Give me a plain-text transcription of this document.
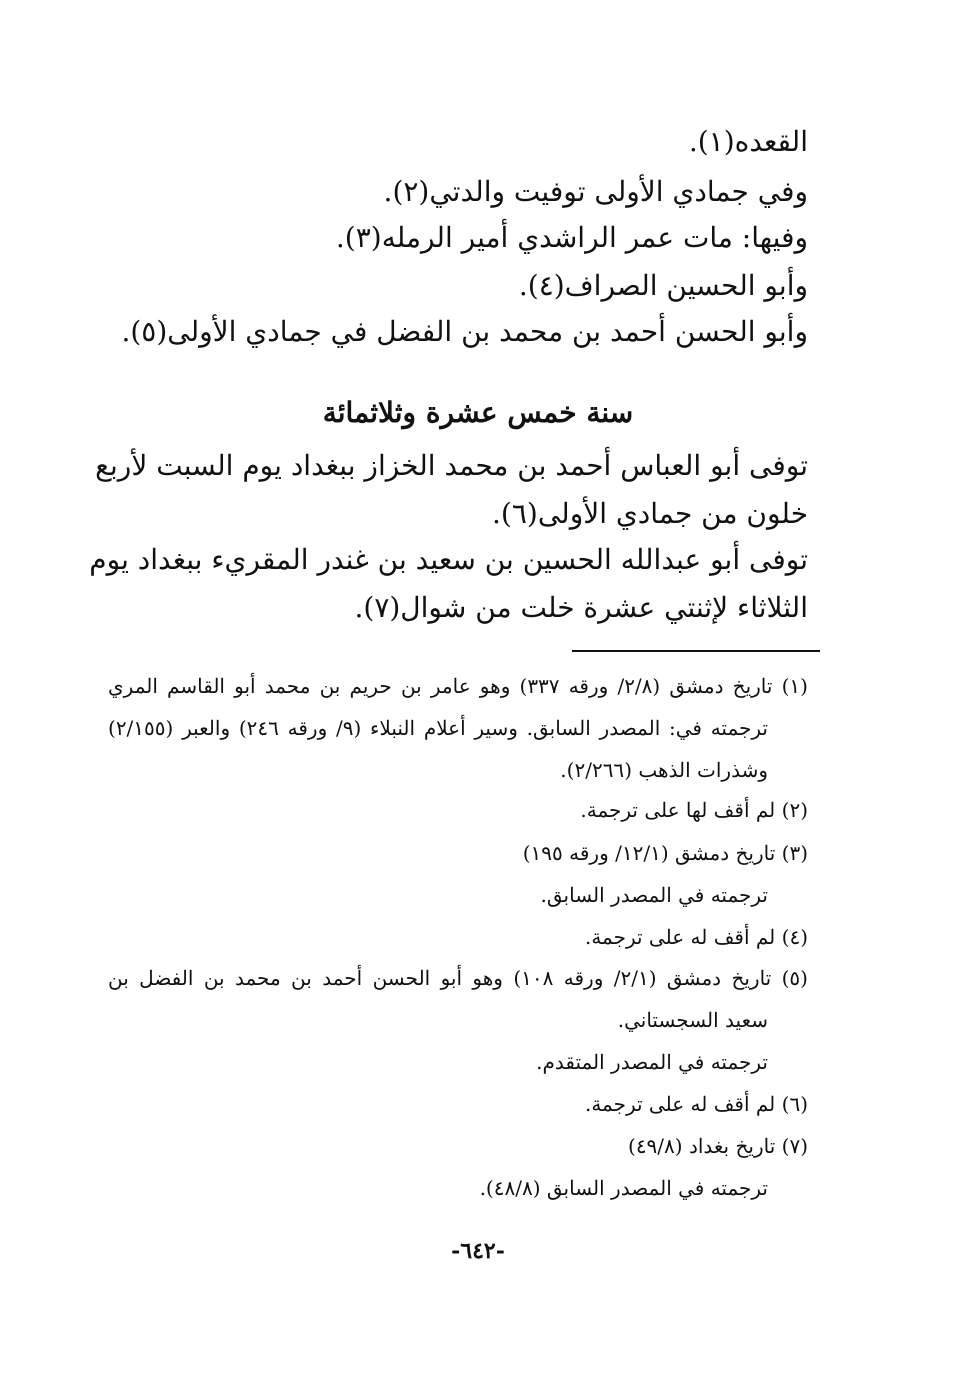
القعده(١).
وفي جمادي الأولى توفيت والدتي(٢).
وفيها: مات عمر الراشدي أمير الرمله(٣).
وأبو الحسين الصراف(٤).
وأبو الحسن أحمد بن محمد بن الفضل في جمادي الأولى(٥).
سنة خمس عشرة وثلاثمائة
توفى أبو العباس أحمد بن محمد الخزاز ببغداد يوم السبت لأربع
خلون من جمادي الأولى(٦).
توفى أبو عبدالله الحسين بن سعيد بن غندر المقريء ببغداد يوم
الثلاثاء لإثنتي عشرة خلت من شوال(٧).
(١) تاريخ دمشق (٢/٨/ ورقه ٣٣٧) وهو عامر بن حريم بن محمد أبو القاسم المري
ترجمته في: المصدر السابق. وسير أعلام النبلاء (٩/ ورقه ٢٤٦) والعبر (٢/١٥٥)
وشذرات الذهب (٢/٢٦٦).
(٢) لم أقف لها على ترجمة.
(٣) تاريخ دمشق (١٢/١/ ورقه ١٩٥)
ترجمته في المصدر السابق.
(٤) لم أقف له على ترجمة.
(٥) تاريخ دمشق (٢/١/ ورقه ١٠٨) وهو أبو الحسن أحمد بن محمد بن الفضل بن
سعيد السجستاني.
ترجمته في المصدر المتقدم.
(٦) لم أقف له على ترجمة.
(٧) تاريخ بغداد (٤٩/٨)
ترجمته في المصدر السابق (٤٨/٨).
-٦٤٢-
